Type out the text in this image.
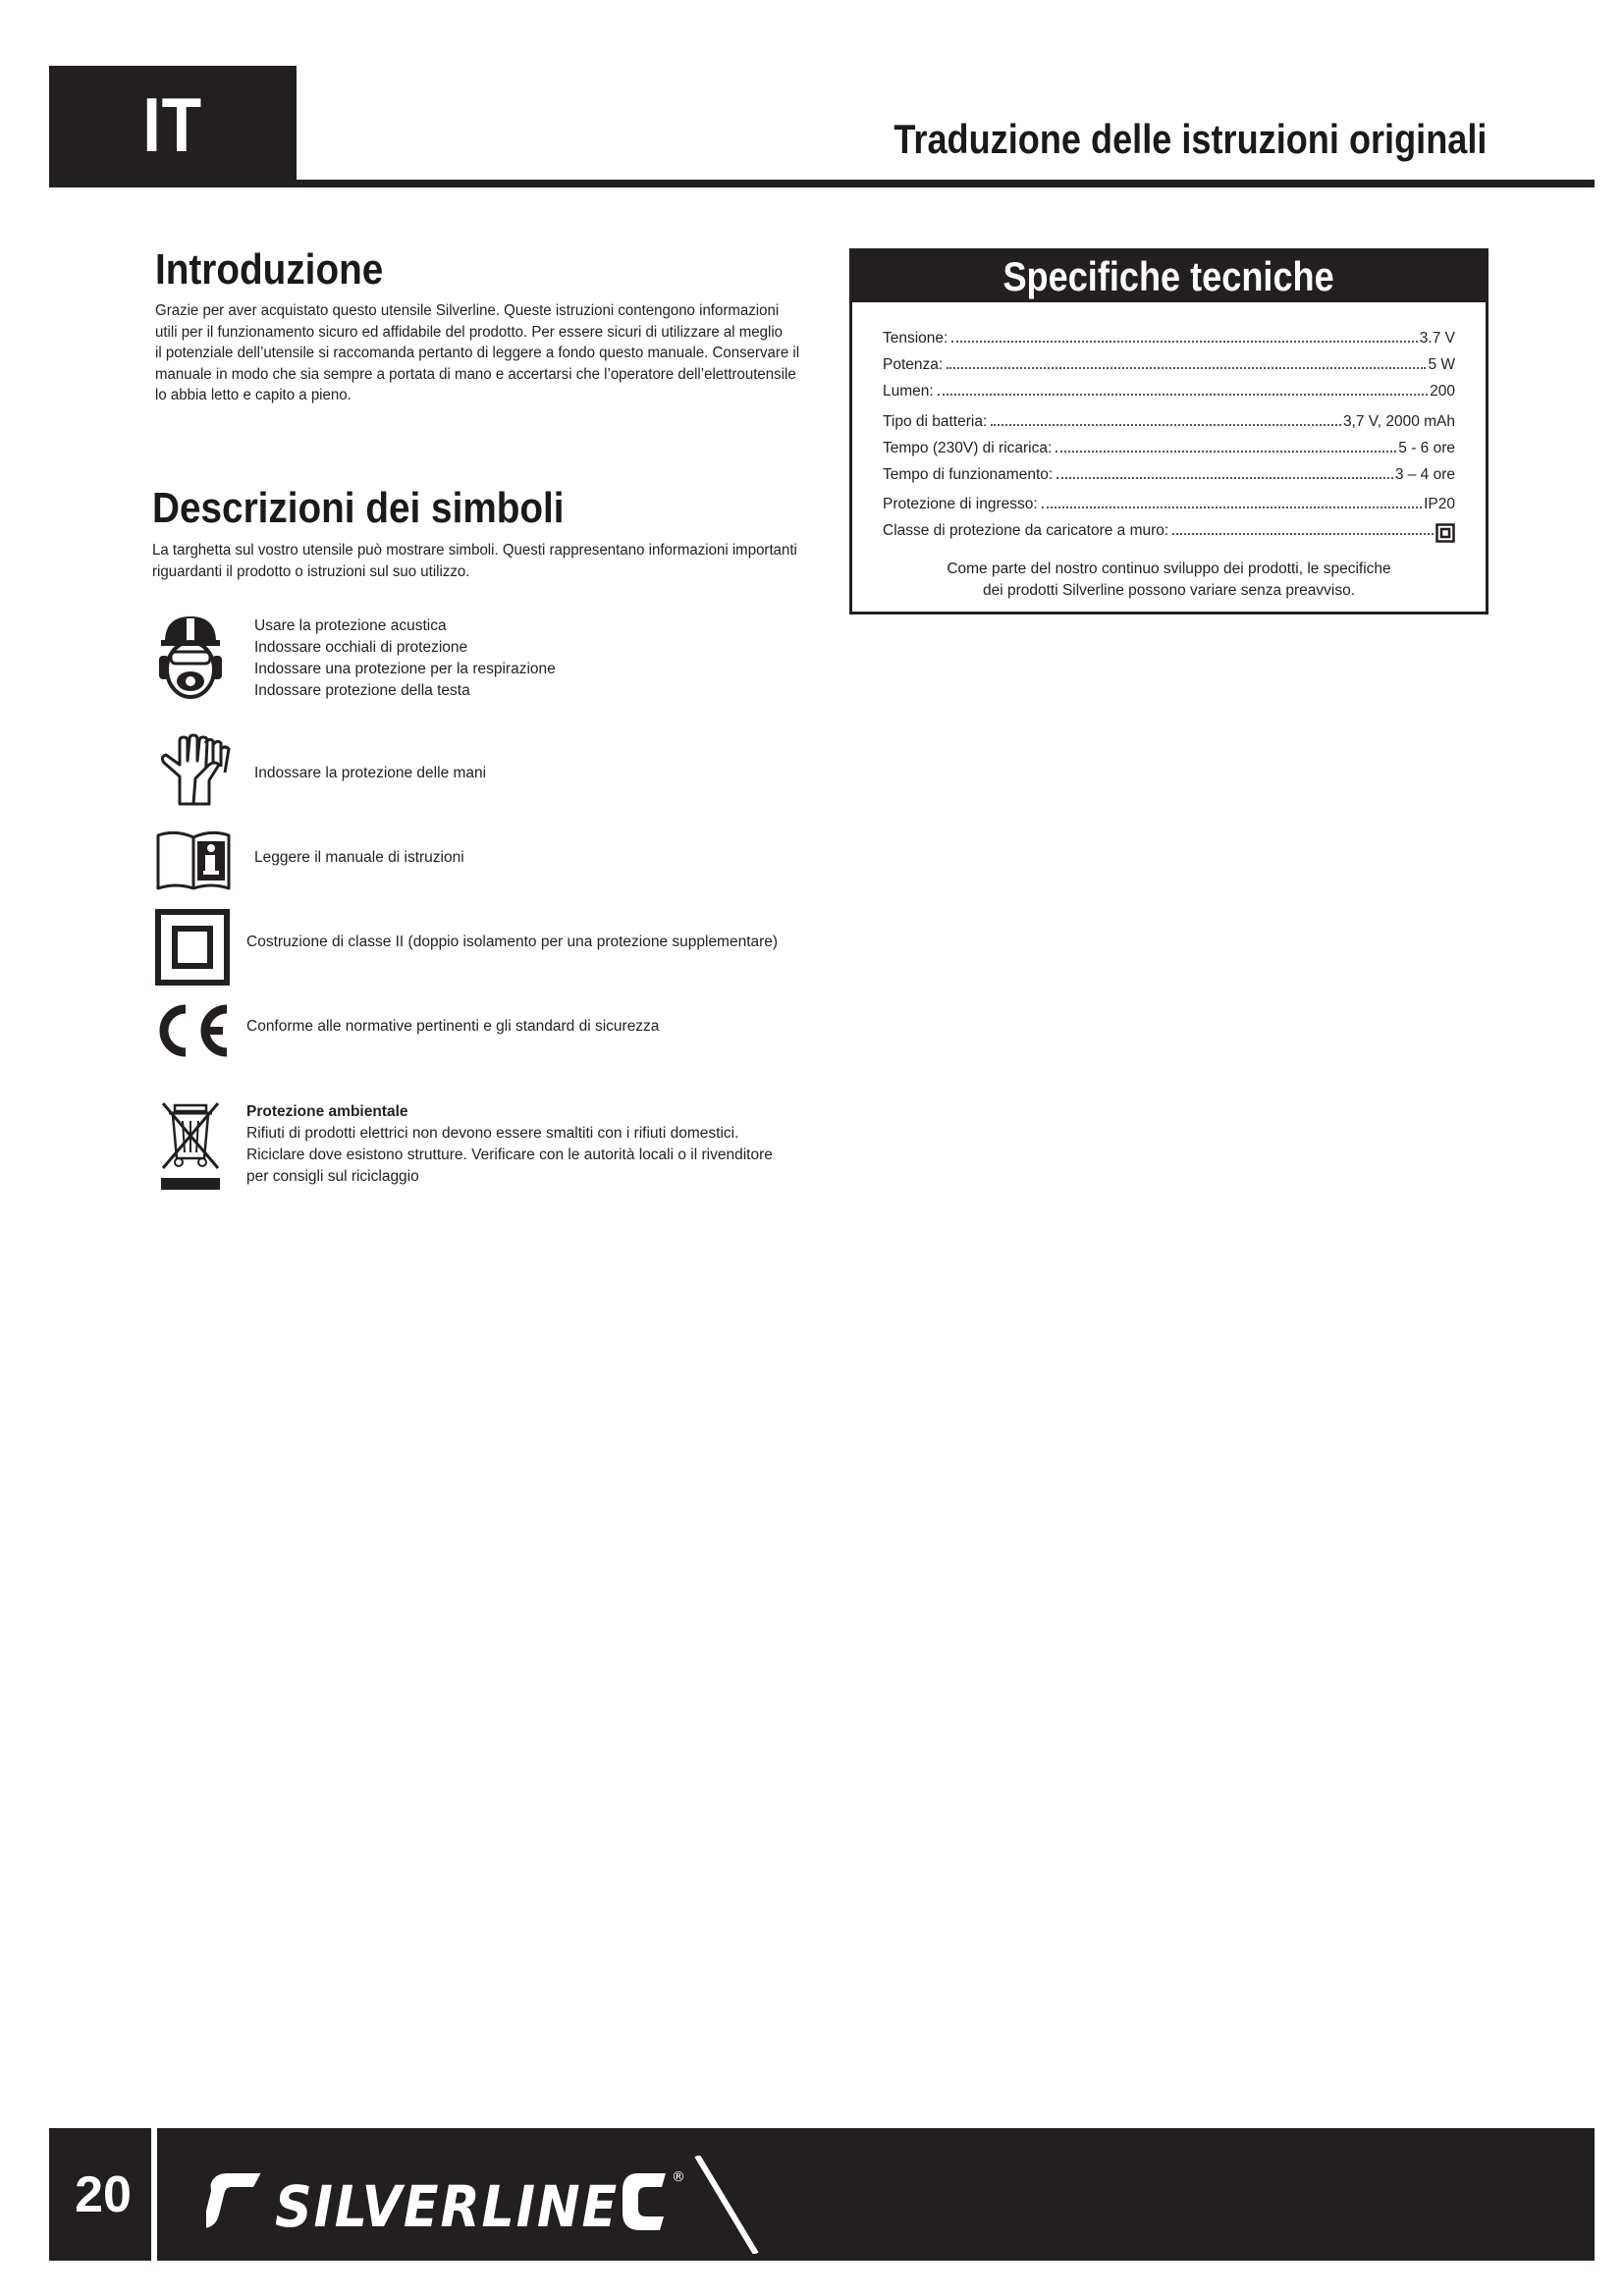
IT	Traduzione delle istruzioni originali
Introduzione
Grazie per aver acquistato questo utensile Silverline. Queste istruzioni contengono informazioni
utili per il funzionamento sicuro ed affidabile del prodotto. Per essere sicuri di utilizzare al meglio
il potenziale dell’utensile si raccomanda pertanto di leggere a fondo questo manuale. Conservare il
manuale in modo che sia sempre a portata di mano e accertarsi che l’operatore dell’elettroutensile
lo abbia letto e capito a pieno.
Descrizioni dei simboli
La targhetta sul vostro utensile può mostrare simboli. Questi rappresentano informazioni importanti
riguardanti il prodotto o istruzioni sul suo utilizzo.
Usare la protezione acustica
Indossare occhiali di protezione
Indossare una protezione per la respirazione
Indossare protezione della testa
Indossare la protezione delle mani
Leggere il manuale di istruzioni
Costruzione di classe II (doppio isolamento per una protezione supplementare)
Conforme alle normative pertinenti e gli standard di sicurezza
Protezione ambientale
Rifiuti di prodotti elettrici non devono essere smaltiti con i rifiuti domestici.
Riciclare dove esistono strutture. Verificare con le autorità locali o il rivenditore
per consigli sul riciclaggio
Specifiche tecniche
Tensione:	3.7 V
Potenza:	5 W
Lumen:	200
Tipo di batteria:	3,7 V, 2000 mAh
Tempo (230V) di ricarica:	5 - 6 ore
Tempo di funzionamento:	3 – 4 ore
Protezione di ingresso:	IP20
Classe di protezione da caricatore a muro:
Come parte del nostro continuo sviluppo dei prodotti, le specifiche
dei prodotti Silverline possono variare senza preavviso.
20	SILVERLINE	®
